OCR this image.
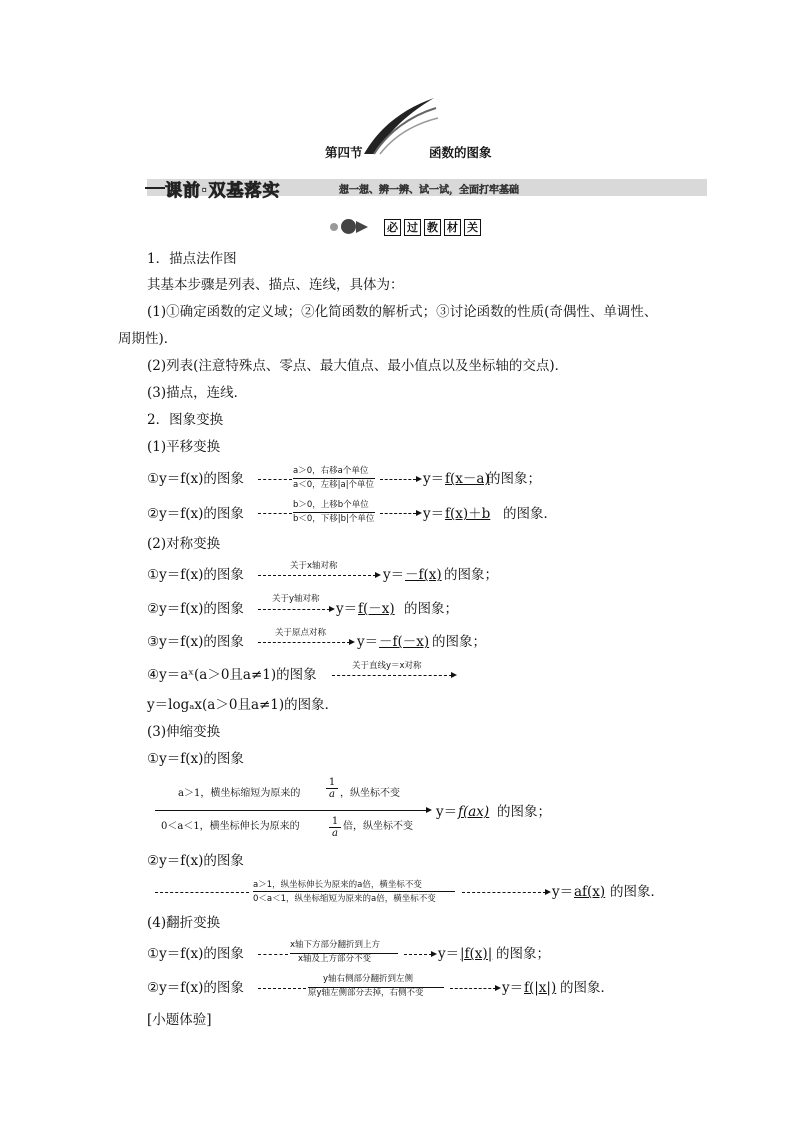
第四节	函数的图象
课前·双基落实	想一想、辨一辨、试一试，全面打牢基础
必 过 教 材 关
1．描点法作图
其基本步骤是列表、描点、连线，具体为：
(1)①确定函数的定义域；②化简函数的解析式；③讨论函数的性质(奇偶性、单调性、
周期性)．
(2)列表(注意特殊点、零点、最大值点、最小值点以及坐标轴的交点)．
(3)描点，连线．
2．图象变换
(1)平移变换
①y＝f(x)的图象	a＞0，右移a个单位
a＜0，左移|a|个单位	y＝ f(x－a)
的图象；
②y＝f(x)的图象
b＞0，上移b个单位
b＜0，下移|b|个单位	y＝ f(x)＋b 的图象．
(2)对称变换
①y＝f(x)的图象
关于x轴对称
y＝ －f(x) 的图象；
②y＝f(x)的图象
关于y轴对称
y＝ f(－x) 的图象；
③y＝f(x)的图象
关于原点对称
y＝ －f(－x) 的图象；
④y＝aˣ(a＞0且a≠1)的图象
关于直线y＝x对称
y＝logₐx(a＞0且a≠1)的图象．
(3)伸缩变换
①y＝f(x)的图象
a＞1，横坐标缩短为原来的
1
a ，纵坐标不变
0＜a＜1，横坐标伸长为原来的	1
a
倍，纵坐标不变
y＝ f(ax) 的图象；
②y＝f(x)的图象
a＞1，纵坐标伸长为原来的a倍，横坐标不变
0＜a＜1，纵坐标缩短为原来的a倍，横坐标不变	y＝ af(x) 的图象．
(4)翻折变换
①y＝f(x)的图象
x轴下方部分翻折到上方
x轴及上方部分不变	y＝ |f(x)| 的图象；
②y＝f(x)的图象
y轴右侧部分翻折到左侧
原y轴左侧部分去掉，右侧不变	y＝ f(|x|) 的图象．
[小题体验]
